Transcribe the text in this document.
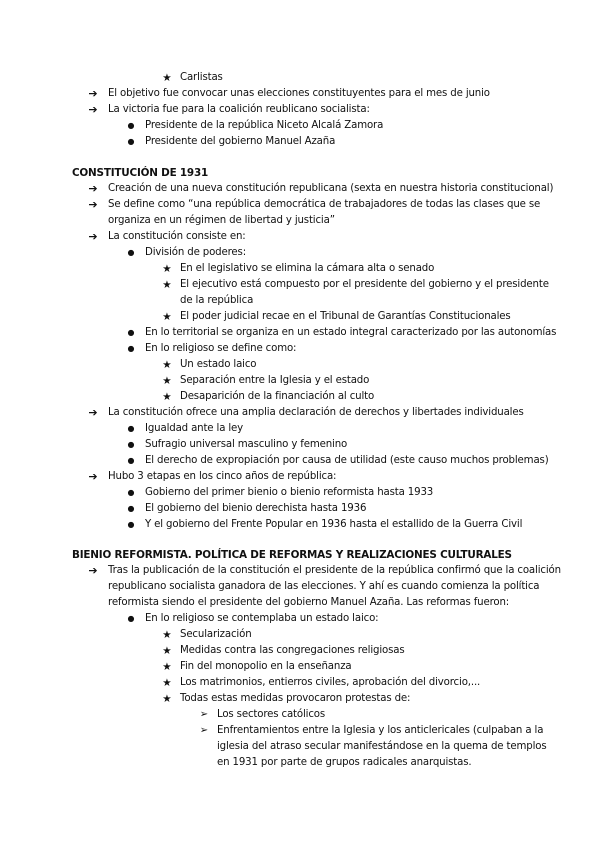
★ Carlistas
➔ El objetivo fue convocar unas elecciones constituyentes para el mes de junio
➔ La victoria fue para la coalición reublicano socialista:
●	Presidente de la república Niceto Alcalá Zamora
●	Presidente del gobierno Manuel Azaña
CONSTITUCIÓN DE 1931
➔ Creación de una nueva constitución republicana (sexta en nuestra historia constitucional)
➔ Se define como “una república democrática de trabajadores de todas las clases que se
organiza en un régimen de libertad y justicia”
➔ La constitución consiste en:
●	División de poderes:
★ En el legislativo se elimina la cámara alta o senado
★ El ejecutivo está compuesto por el presidente del gobierno y el presidente
de la república
★ El poder judicial recae en el Tribunal de Garantías Constitucionales
●	En lo territorial se organiza en un estado integral caracterizado por las autonomías
●	En lo religioso se define como:
★ Un estado laico
★ Separación entre la Iglesia y el estado
★ Desaparición de la financiación al culto
➔ La constitución ofrece una amplia declaración de derechos y libertades individuales
●	Igualdad ante la ley
●	Sufragio universal masculino y femenino
●	El derecho de expropiación por causa de utilidad (este causo muchos problemas)
➔ Hubo 3 etapas en los cinco años de república:
●	Gobierno del primer bienio o bienio reformista hasta 1933
●	El gobierno del bienio derechista hasta 1936
●	Y el gobierno del Frente Popular en 1936 hasta el estallido de la Guerra Civil
BIENIO REFORMISTA. POLÍTICA DE REFORMAS Y REALIZACIONES CULTURALES
➔ Tras la publicación de la constitución el presidente de la república confirmó que la coalición
republicano socialista ganadora de las elecciones. Y ahí es cuando comienza la política
reformista siendo el presidente del gobierno Manuel Azaña. Las reformas fueron:
●	En lo religioso se contemplaba un estado laico:
★ Secularización
★ Medidas contra las congregaciones religiosas
★ Fin del monopolio en la enseñanza
★ Los matrimonios, entierros civiles, aprobación del divorcio,...
★ Todas estas medidas provocaron protestas de:
➢ Los sectores católicos
➢ Enfrentamientos entre la Iglesia y los anticlericales (culpaban a la
iglesia del atraso secular manifestándose en la quema de templos
en 1931 por parte de grupos radicales anarquistas.
